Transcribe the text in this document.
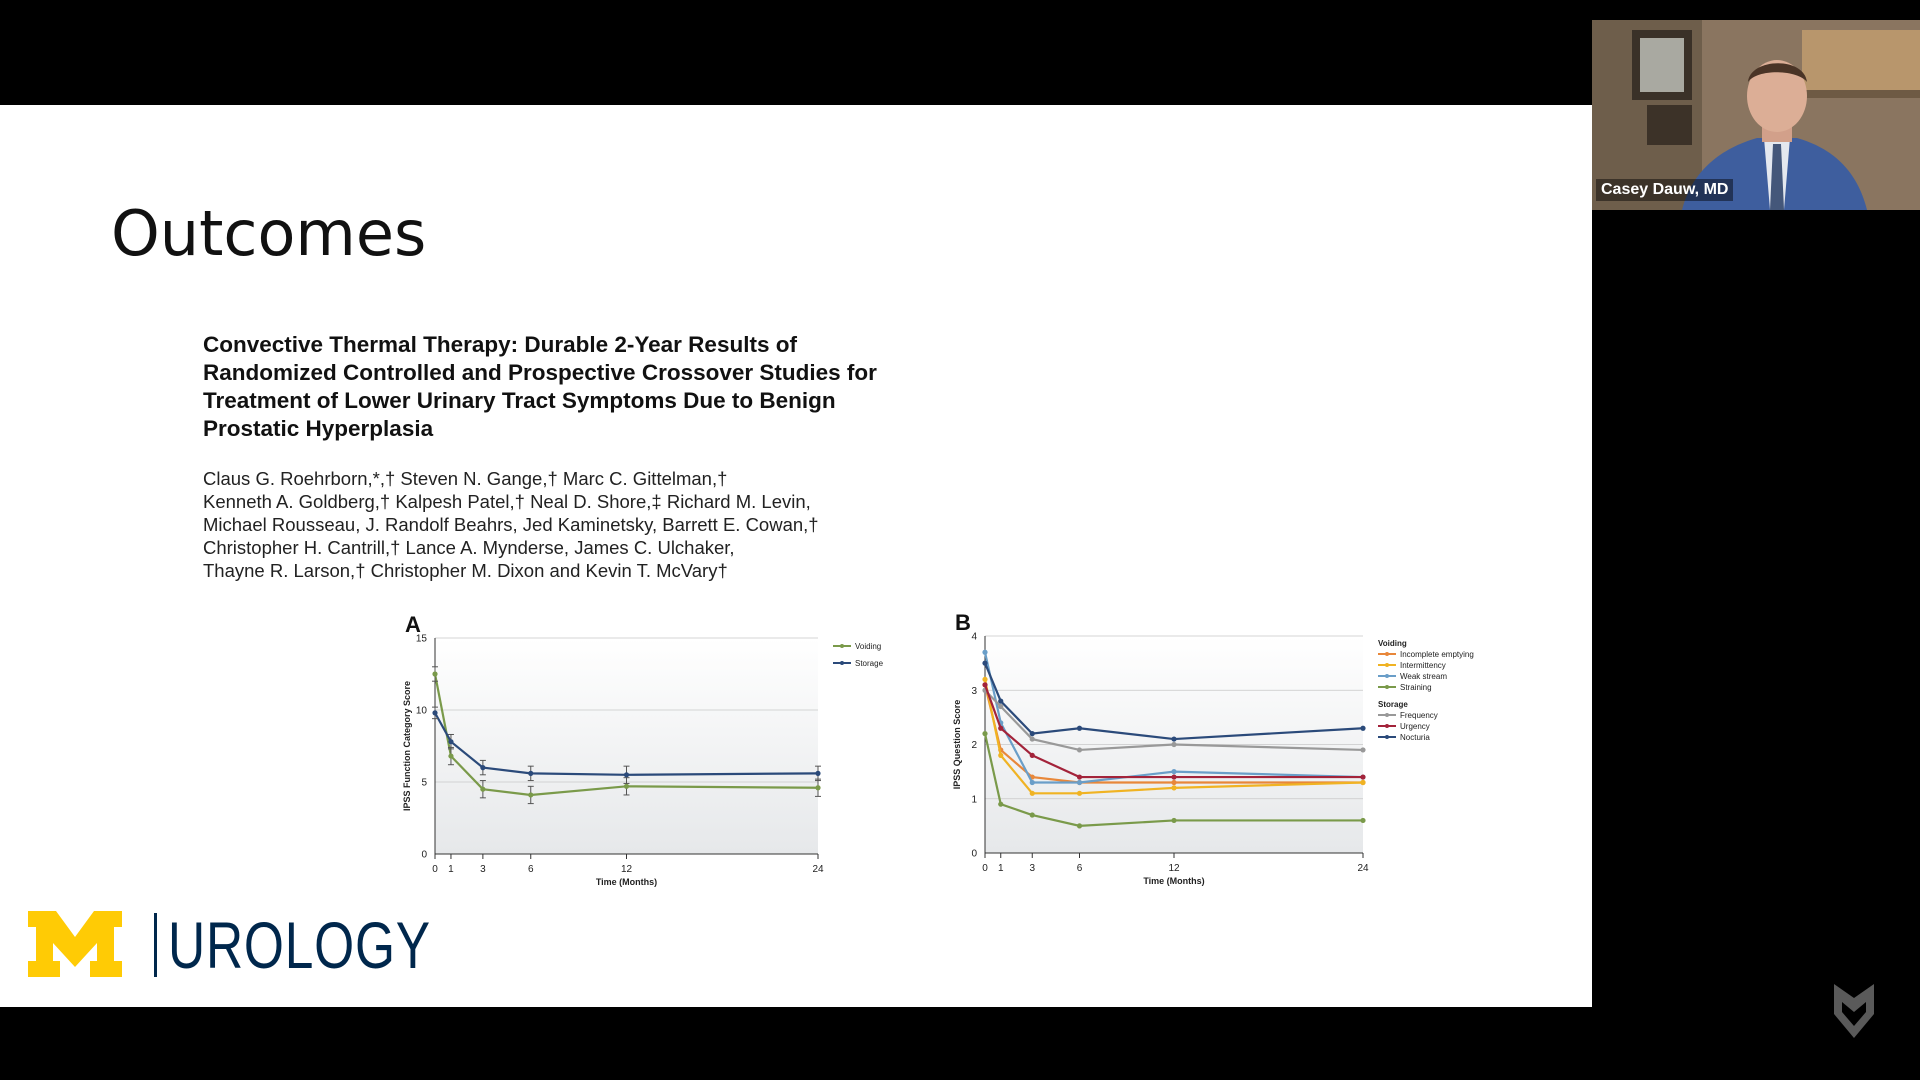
Outcomes
Convective Thermal Therapy: Durable 2-Year Results of Randomized Controlled and Prospective Crossover Studies for Treatment of Lower Urinary Tract Symptoms Due to Benign Prostatic Hyperplasia
Claus G. Roehrborn,*,† Steven N. Gange,† Marc C. Gittelman,†
Kenneth A. Goldberg,† Kalpesh Patel,† Neal D. Shore,‡ Richard M. Levin,
Michael Rousseau, J. Randolf Beahrs, Jed Kaminetsky, Barrett E. Cowan,†
Christopher H. Cantrill,† Lance A. Mynderse, James C. Ulchaker,
Thayne R. Larson,† Christopher M. Dixon and Kevin T. McVary†
A
0
5
10
15
0 1	3	6	12	24
Time (Months)
IPSS Function Category Score
Voiding
Storage
B
0
1
2
3
4
0 1	3	6	12	24
Time (Months)
IPSS Question Score
Voiding
Incomplete emptying
Intermittency
Weak stream
Straining
Storage
Frequency
Urgency
Nocturia
UROLOGY
Casey Dauw, MD
